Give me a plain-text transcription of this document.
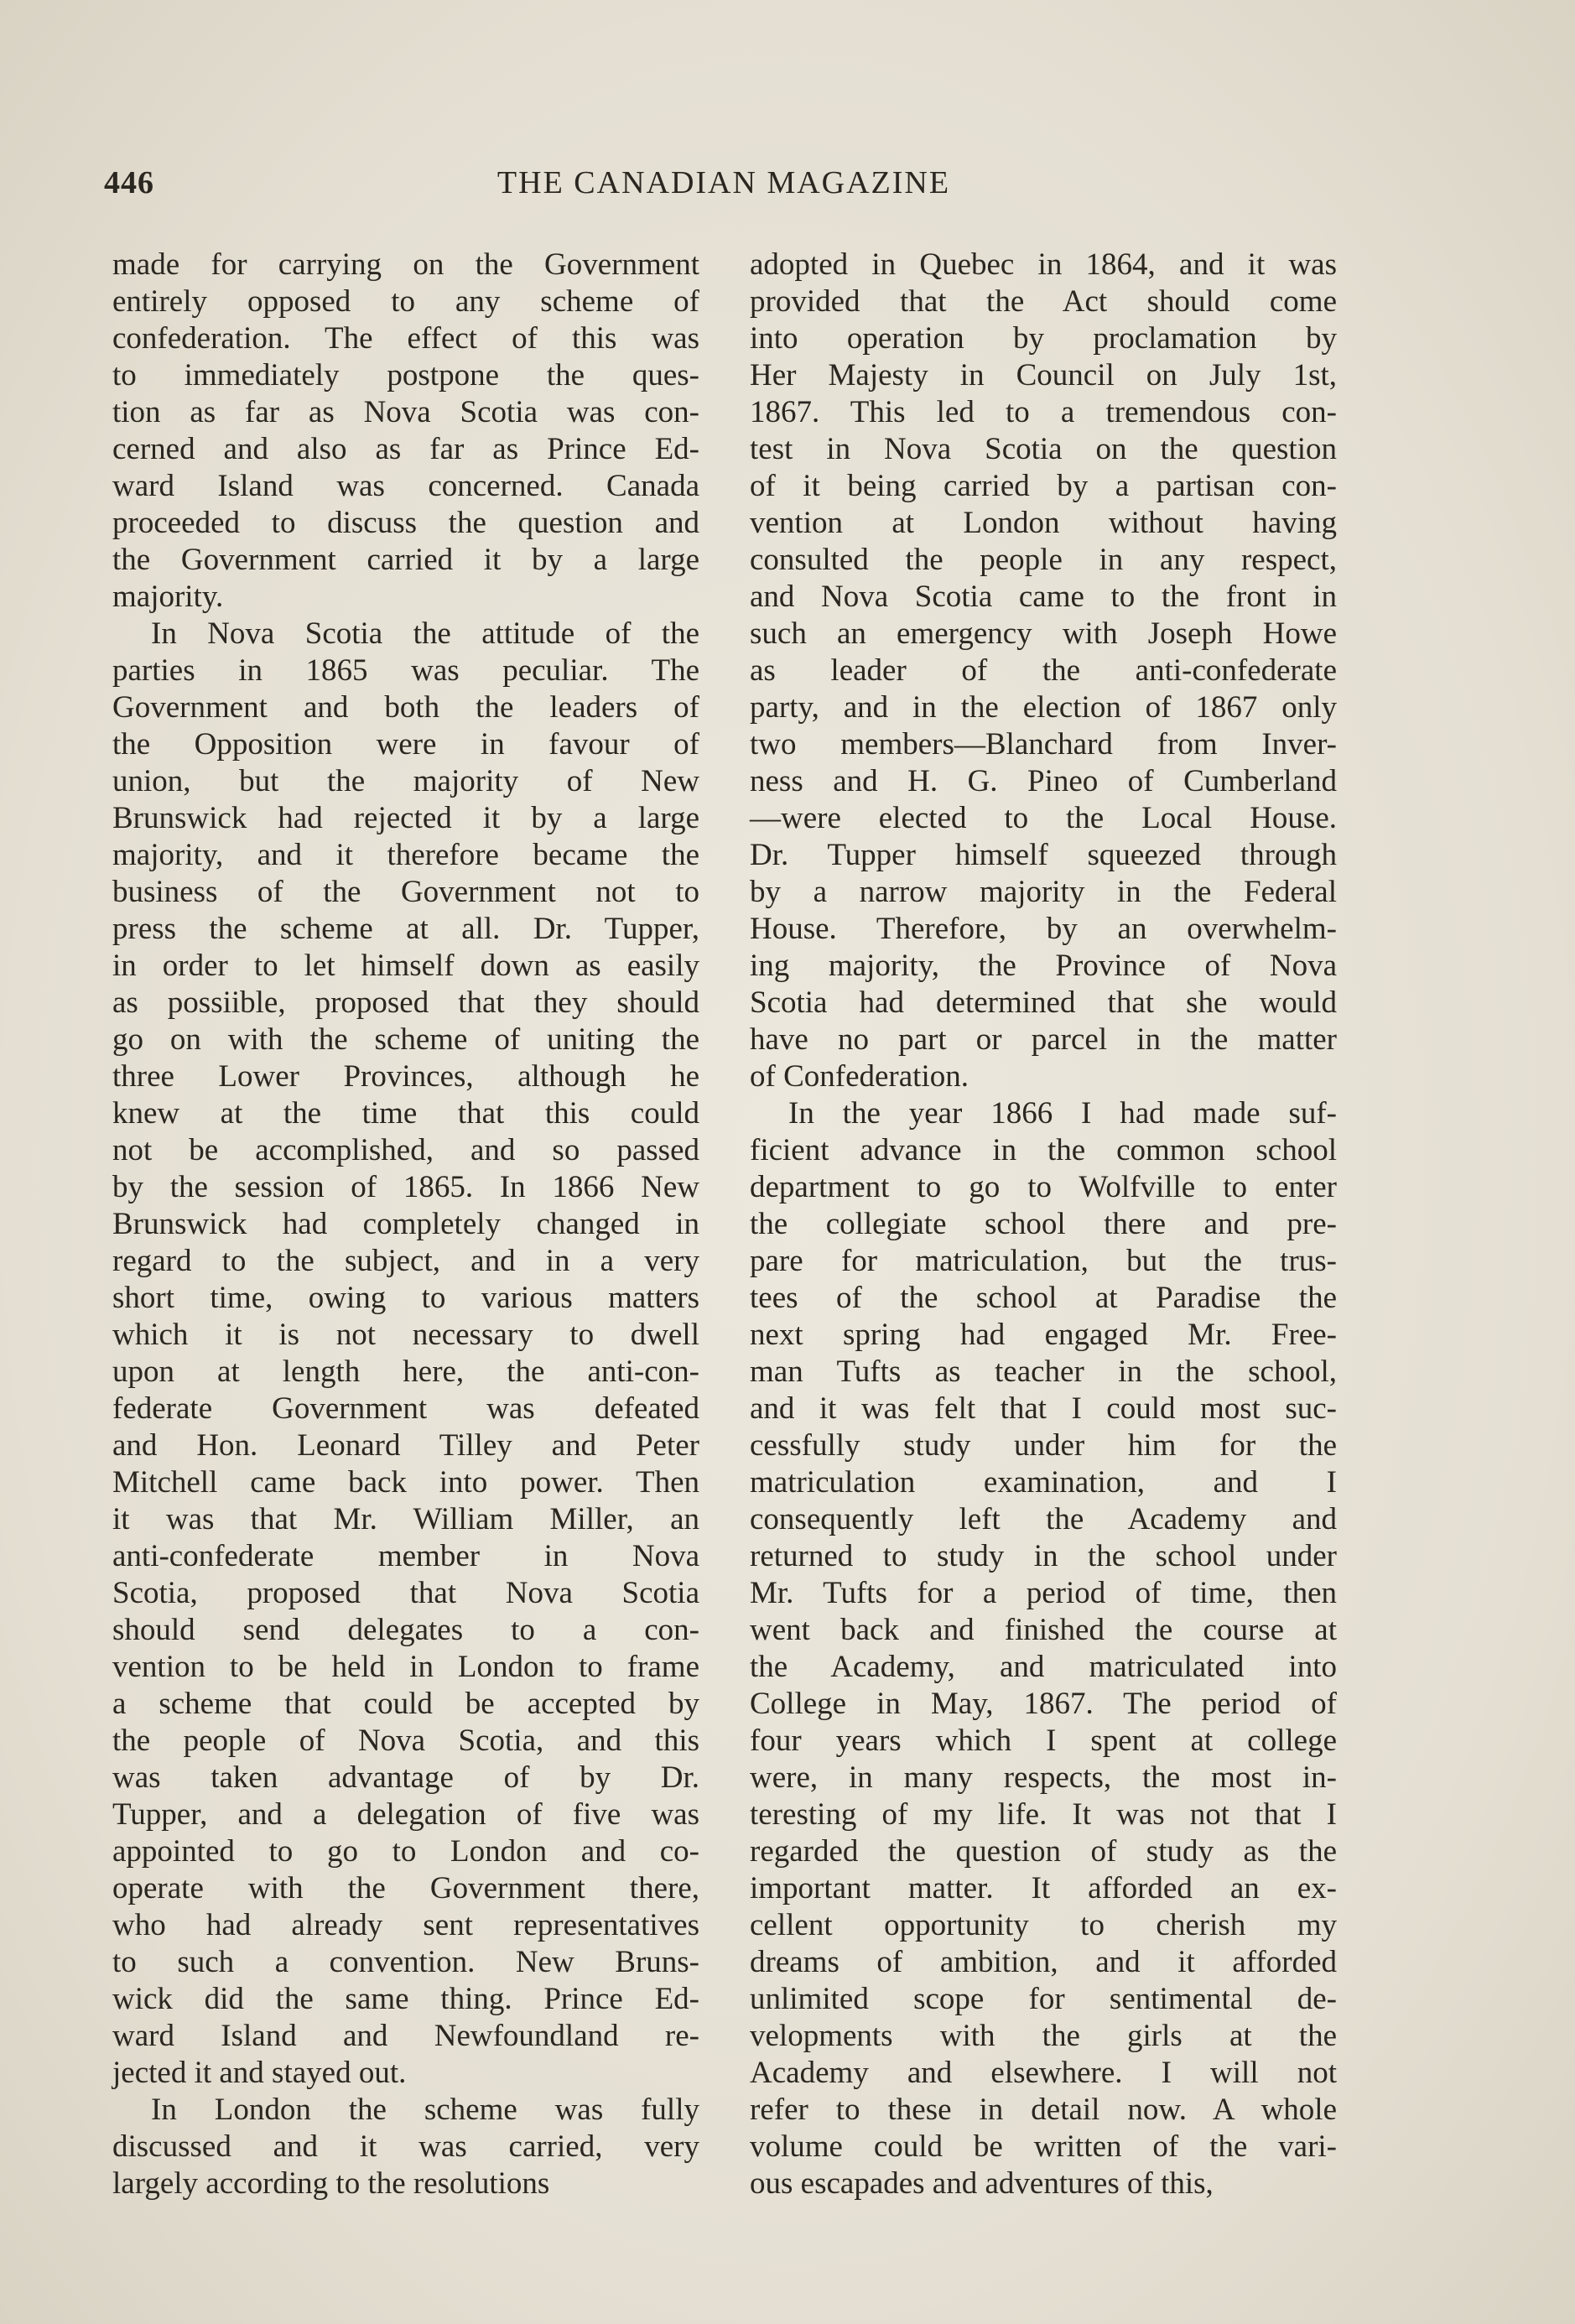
446	THE CANADIAN MAGAZINE
made for carrying on the Government
entirely opposed to any scheme of
confederation. The effect of this was
to immediately postpone the ques-
tion as far as Nova Scotia was con-
cerned and also as far as Prince Ed-
ward Island was concerned. Canada
proceeded to discuss the question and
the Government carried it by a large
majority.
In Nova Scotia the attitude of the
parties in 1865 was peculiar. The
Government and both the leaders of
the Opposition were in favour of
union, but the majority of New
Brunswick had rejected it by a large
majority, and it therefore became the
business of the Government not to
press the scheme at all. Dr. Tupper,
in order to let himself down as easily
as possiible, proposed that they should
go on with the scheme of uniting the
three Lower Provinces, although he
knew at the time that this could
not be accomplished, and so passed
by the session of 1865. In 1866 New
Brunswick had completely changed in
regard to the subject, and in a very
short time, owing to various matters
which it is not necessary to dwell
upon at length here, the anti-con-
federate Government was defeated
and Hon. Leonard Tilley and Peter
Mitchell came back into power. Then
it was that Mr. William Miller, an
anti-confederate member in Nova
Scotia, proposed that Nova Scotia
should send delegates to a con-
vention to be held in London to frame
a scheme that could be accepted by
the people of Nova Scotia, and this
was taken advantage of by Dr.
Tupper, and a delegation of five was
appointed to go to London and co-
operate with the Government there,
who had already sent representatives
to such a convention. New Bruns-
wick did the same thing. Prince Ed-
ward Island and Newfoundland re-
jected it and stayed out.
In London the scheme was fully
discussed and it was carried, very
largely according to the resolutions
adopted in Quebec in 1864, and it was
provided that the Act should come
into operation by proclamation by
Her Majesty in Council on July 1st,
1867. This led to a tremendous con-
test in Nova Scotia on the question
of it being carried by a partisan con-
vention at London without having
consulted the people in any respect,
and Nova Scotia came to the front in
such an emergency with Joseph Howe
as leader of the anti-confederate
party, and in the election of 1867 only
two members—Blanchard from Inver-
ness and H. G. Pineo of Cumberland
—were elected to the Local House.
Dr. Tupper himself squeezed through
by a narrow majority in the Federal
House. Therefore, by an overwhelm-
ing majority, the Province of Nova
Scotia had determined that she would
have no part or parcel in the matter
of Confederation.
In the year 1866 I had made suf-
ficient advance in the common school
department to go to Wolfville to enter
the collegiate school there and pre-
pare for matriculation, but the trus-
tees of the school at Paradise the
next spring had engaged Mr. Free-
man Tufts as teacher in the school,
and it was felt that I could most suc-
cessfully study under him for the
matriculation examination, and I
consequently left the Academy and
returned to study in the school under
Mr. Tufts for a period of time, then
went back and finished the course at
the Academy, and matriculated into
College in May, 1867. The period of
four years which I spent at college
were, in many respects, the most in-
teresting of my life. It was not that I
regarded the question of study as the
important matter. It afforded an ex-
cellent opportunity to cherish my
dreams of ambition, and it afforded
unlimited scope for sentimental de-
velopments with the girls at the
Academy and elsewhere. I will not
refer to these in detail now. A whole
volume could be written of the vari-
ous escapades and adventures of this,
